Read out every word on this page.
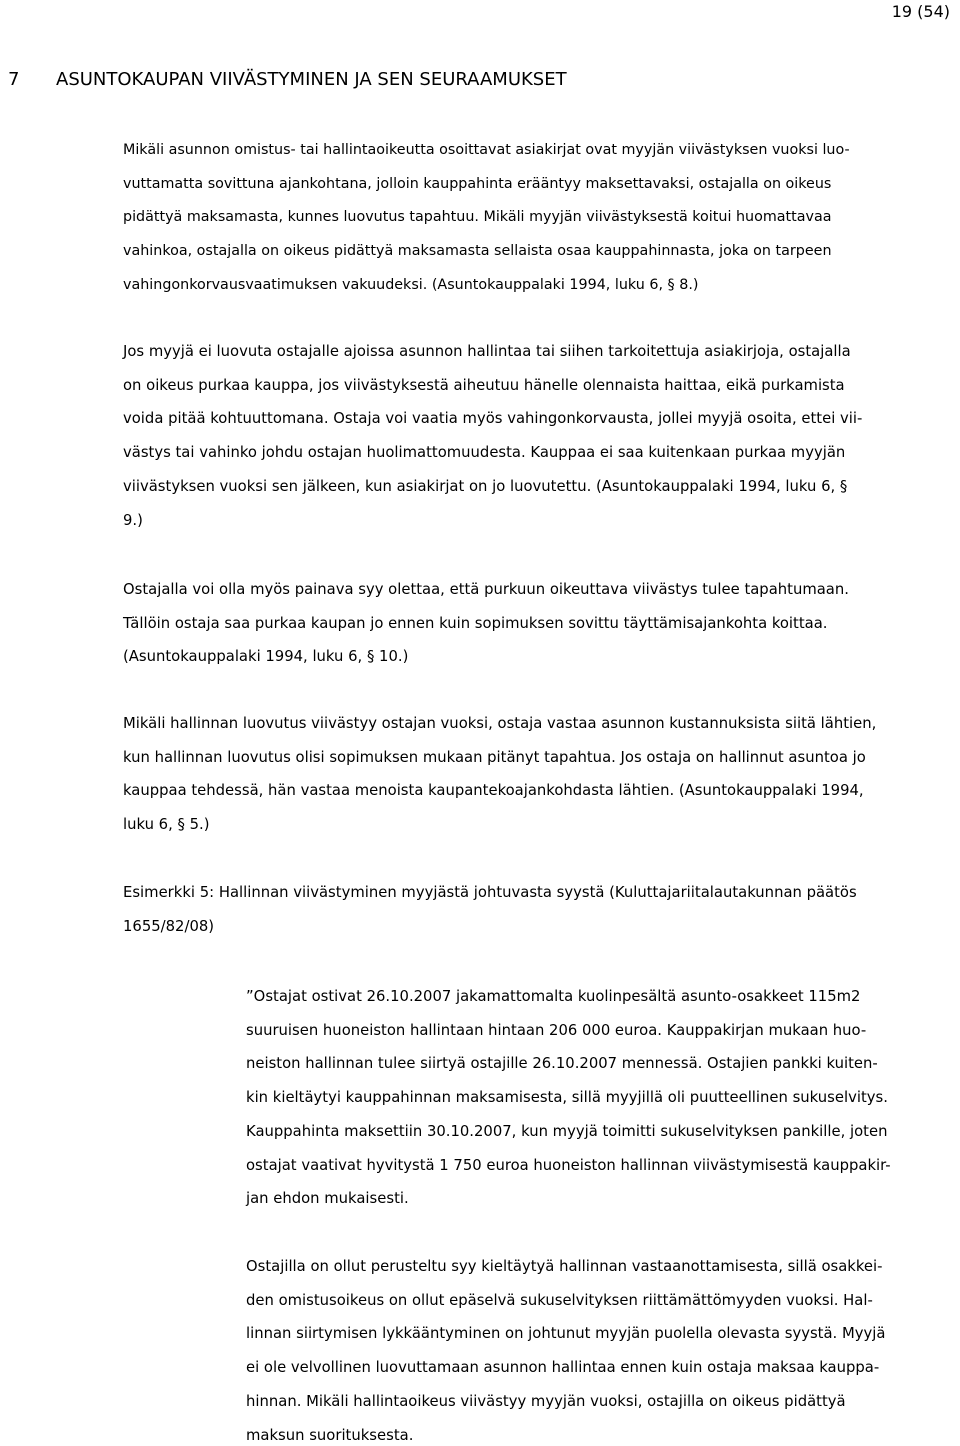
19 (54)
7 ASUNTOKAUPAN VIIVÄSTYMINEN JA SEN SEURAAMUKSET
Mikäli asunnon omistus- tai hallintaoikeutta osoittavat asiakirjat ovat myyjän viivästyksen vuoksi luo-
vuttamatta sovittuna ajankohtana, jolloin kauppahinta erääntyy maksettavaksi, ostajalla on oikeus
pidättyä maksamasta, kunnes luovutus tapahtuu. Mikäli myyjän viivästyksestä koitui huomattavaa
vahinkoa, ostajalla on oikeus pidättyä maksamasta sellaista osaa kauppahinnasta, joka on tarpeen
vahingonkorvausvaatimuksen vakuudeksi. (Asuntokauppalaki 1994, luku 6, § 8.)
Jos myyjä ei luovuta ostajalle ajoissa asunnon hallintaa tai siihen tarkoitettuja asiakirjoja, ostajalla
on oikeus purkaa kauppa, jos viivästyksestä aiheutuu hänelle olennaista haittaa, eikä purkamista
voida pitää kohtuuttomana. Ostaja voi vaatia myös vahingonkorvausta, jollei myyjä osoita, ettei vii-
västys tai vahinko johdu ostajan huolimattomuudesta. Kauppaa ei saa kuitenkaan purkaa myyjän
viivästyksen vuoksi sen jälkeen, kun asiakirjat on jo luovutettu. (Asuntokauppalaki 1994, luku 6, §
9.)
Ostajalla voi olla myös painava syy olettaa, että purkuun oikeuttava viivästys tulee tapahtumaan.
Tällöin ostaja saa purkaa kaupan jo ennen kuin sopimuksen sovittu täyttämisajankohta koittaa.
(Asuntokauppalaki 1994, luku 6, § 10.)
Mikäli hallinnan luovutus viivästyy ostajan vuoksi, ostaja vastaa asunnon kustannuksista siitä lähtien,
kun hallinnan luovutus olisi sopimuksen mukaan pitänyt tapahtua. Jos ostaja on hallinnut asuntoa jo
kauppaa tehdessä, hän vastaa menoista kaupantekoajankohdasta lähtien. (Asuntokauppalaki 1994,
luku 6, § 5.)
Esimerkki 5: Hallinnan viivästyminen myyjästä johtuvasta syystä (Kuluttajariitalautakunnan päätös
1655/82/08)
”Ostajat ostivat 26.10.2007 jakamattomalta kuolinpesältä asunto-osakkeet 115m2
suuruisen huoneiston hallintaan hintaan 206 000 euroa. Kauppakirjan mukaan huo-
neiston hallinnan tulee siirtyä ostajille 26.10.2007 mennessä. Ostajien pankki kuiten-
kin kieltäytyi kauppahinnan maksamisesta, sillä myyjillä oli puutteellinen sukuselvitys.
Kauppahinta maksettiin 30.10.2007, kun myyjä toimitti sukuselvityksen pankille, joten
ostajat vaativat hyvitystä 1 750 euroa huoneiston hallinnan viivästymisestä kauppakir-
jan ehdon mukaisesti.
Ostajilla on ollut perusteltu syy kieltäytyä hallinnan vastaanottamisesta, sillä osakkei-
den omistusoikeus on ollut epäselvä sukuselvityksen riittämättömyyden vuoksi. Hal-
linnan siirtymisen lykkääntyminen on johtunut myyjän puolella olevasta syystä. Myyjä
ei ole velvollinen luovuttamaan asunnon hallintaa ennen kuin ostaja maksaa kauppa-
hinnan. Mikäli hallintaoikeus viivästyy myyjän vuoksi, ostajilla on oikeus pidättyä
maksun suorituksesta.
